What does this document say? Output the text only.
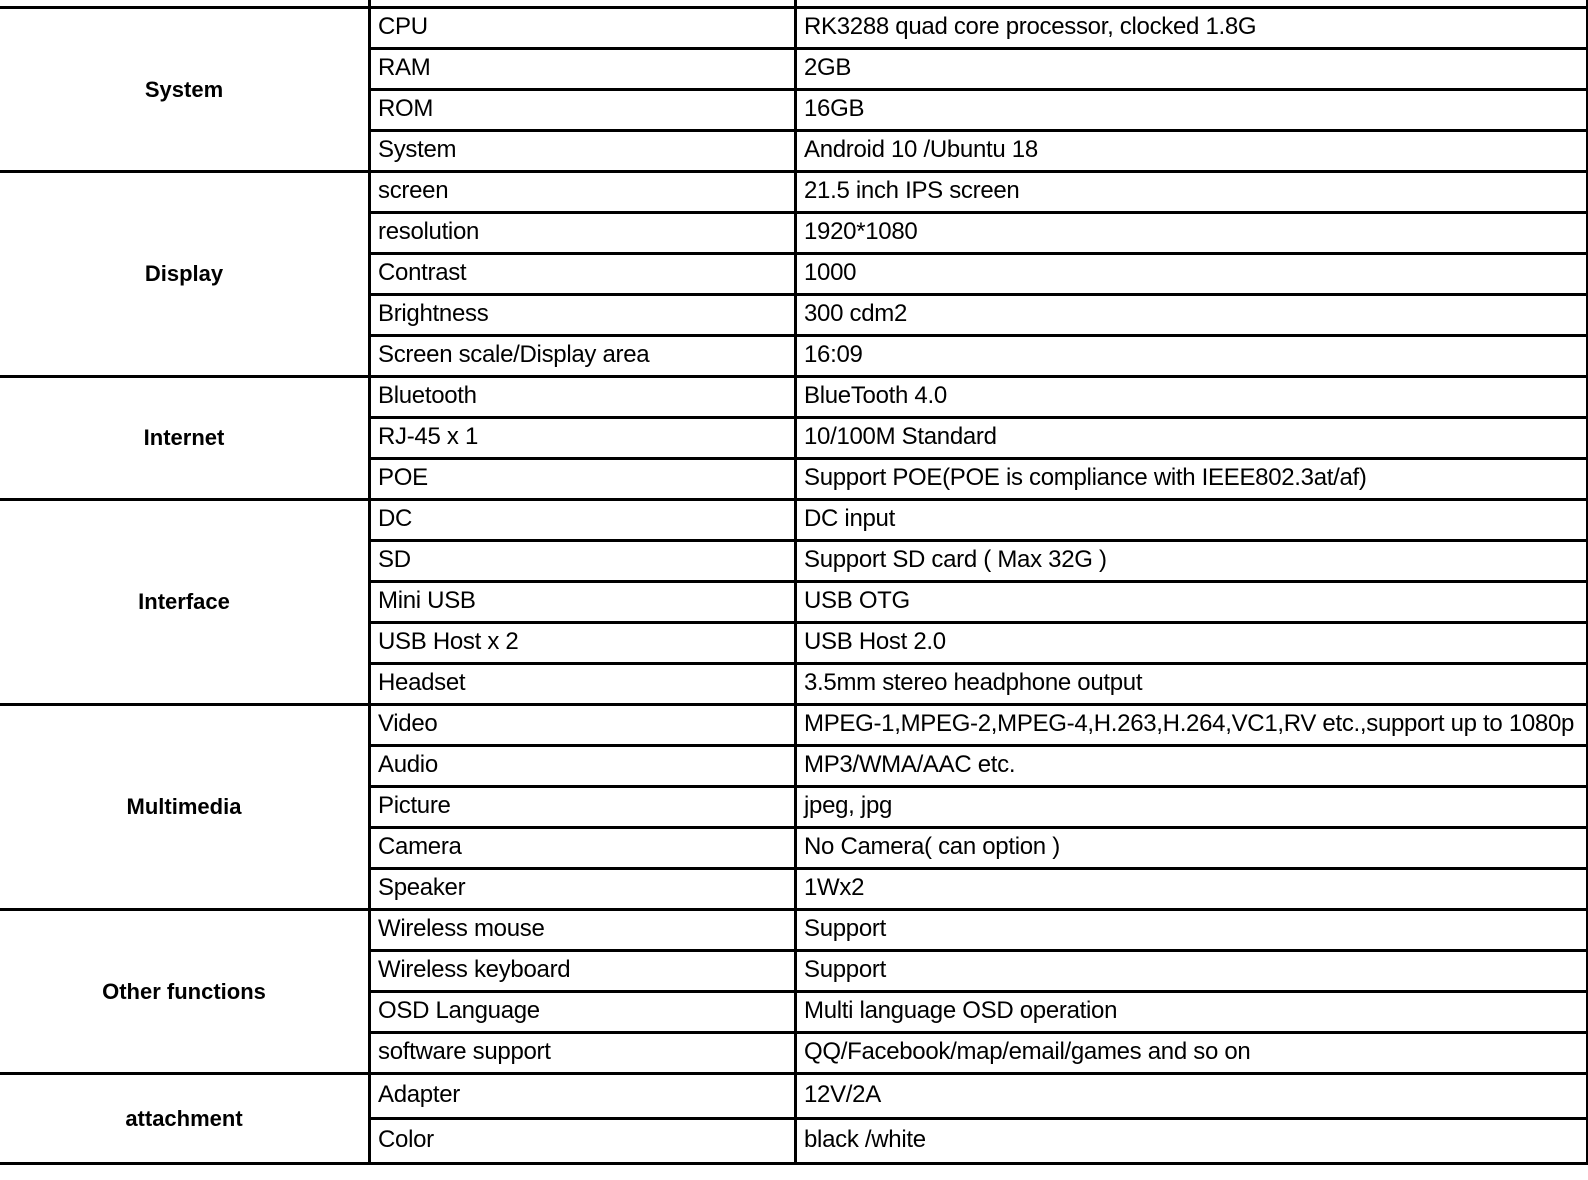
System	CPU	RK3288 quad core processor, clocked 1.8G
	RAM	2GB
	ROM	16GB
	System	Android 10 /Ubuntu 18
Display	screen	21.5 inch IPS screen
	resolution	1920*1080
	Contrast	1000
	Brightness	300 cdm2
	Screen scale/Display area	16:09
Internet	Bluetooth	BlueTooth 4.0
	RJ-45 x 1	10/100M Standard
	POE	Support POE(POE is compliance with IEEE802.3at/af)
Interface	DC	DC input
	SD	Support SD card ( Max 32G )
	Mini USB	USB OTG
	USB Host x 2	USB Host 2.0
	Headset	3.5mm stereo headphone output
Multimedia	Video	MPEG-1,MPEG-2,MPEG-4,H.263,H.264,VC1,RV etc.,support up to 1080p
	Audio	MP3/WMA/AAC etc.
	Picture	jpeg, jpg
	Camera	No Camera( can option )
	Speaker	1Wx2
Other functions	Wireless mouse	Support
	Wireless keyboard	Support
	OSD Language	Multi language OSD operation
	software support	QQ/Facebook/map/email/games and so on
attachment	Adapter	12V/2A
	Color	black /white
